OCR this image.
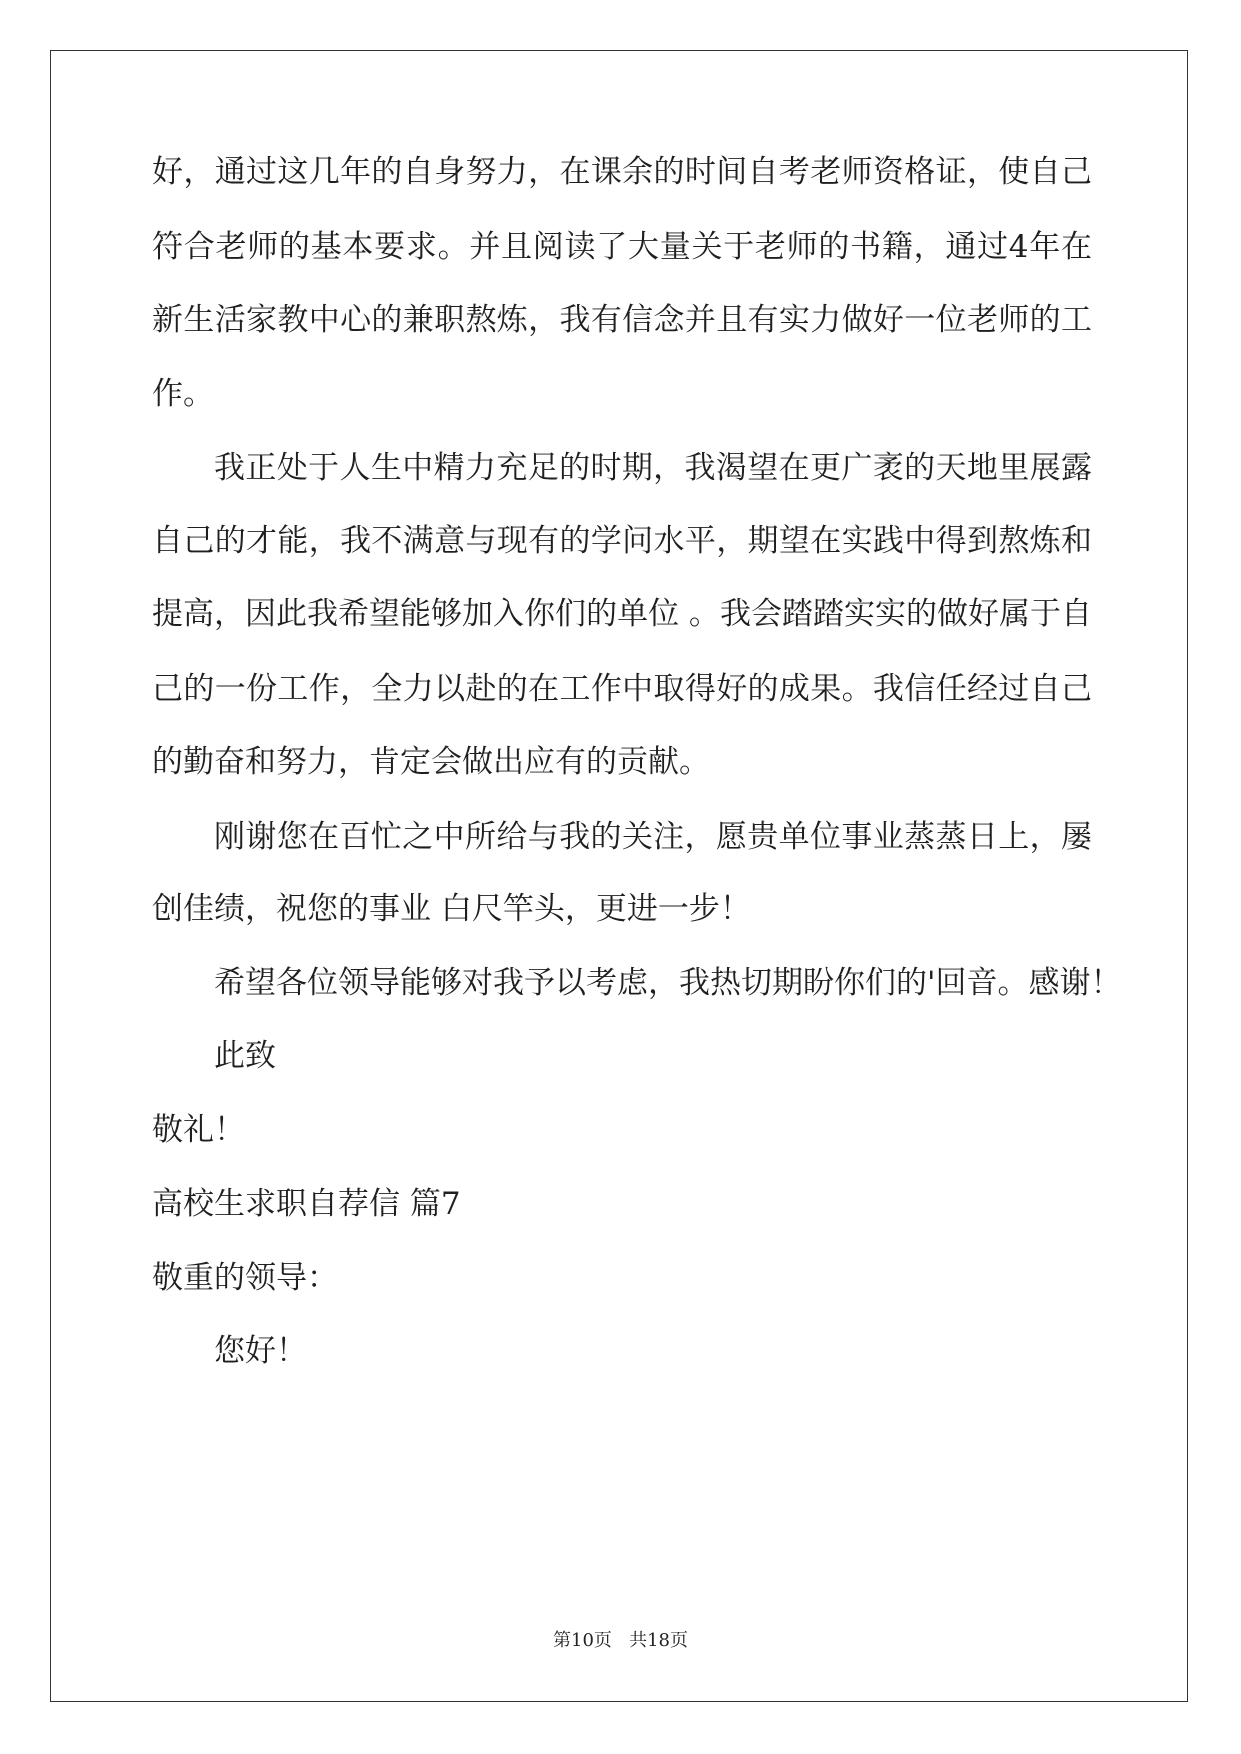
好，通过这几年的自身努力，在课余的时间自考老师资格证，使自己
符合老师的基本要求。并且阅读了大量关于老师的书籍，通过4年在
新生活家教中心的兼职熬炼，我有信念并且有实力做好一位老师的工
作。
我正处于人生中精力充足的时期，我渴望在更广袤的天地里展露
自己的才能，我不满意与现有的学问水平，期望在实践中得到熬炼和
提高，因此我希望能够加入你们的单位 。我会踏踏实实的做好属于自
己的一份工作，全力以赴的在工作中取得好的成果。我信任经过自己
的勤奋和努力，肯定会做出应有的贡献。
刚谢您在百忙之中所给与我的关注，愿贵单位事业蒸蒸日上，屡
创佳绩，祝您的事业 白尺竿头，更进一步！
希望各位领导能够对我予以考虑，我热切期盼你们的'回音。感谢！
此致
敬礼！
高校生求职自荐信 篇7
敬重的领导：
您好！
第10页 共18页
